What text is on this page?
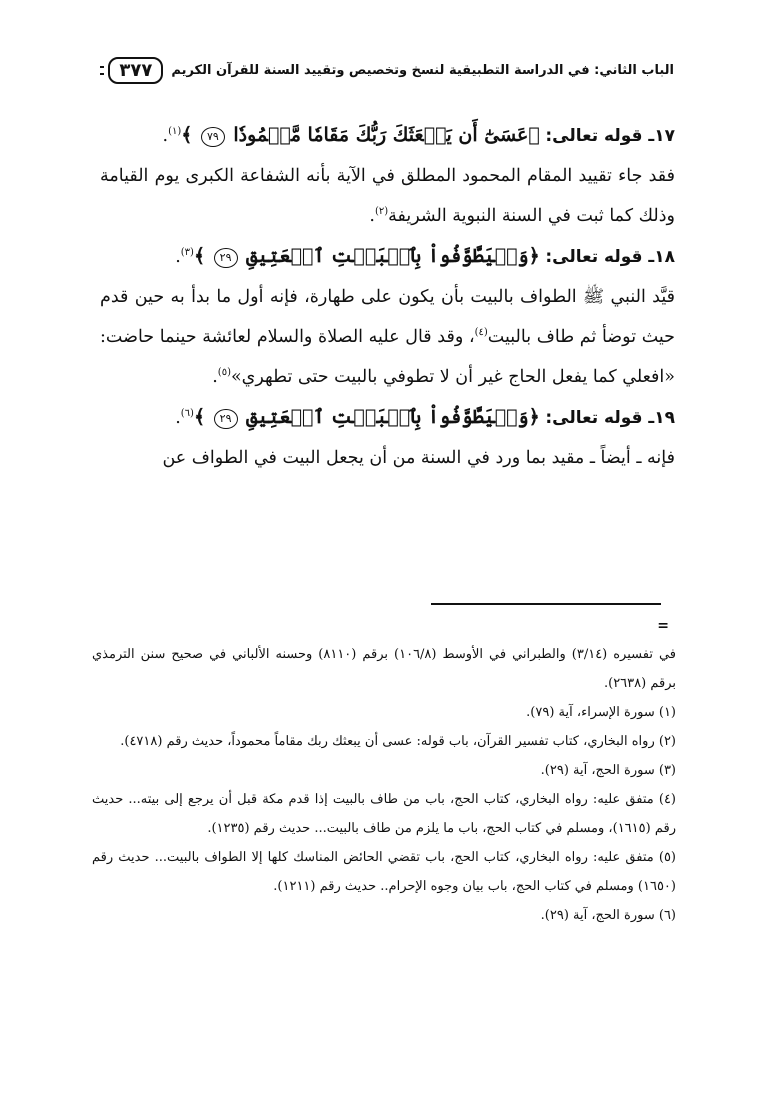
الباب الثاني: في الدراسة التطبيقية لنسخ وتخصيص وتقييد السنة للقرآن الكريم
٣٧٧

١٧ـ قوله تعالى: ﴿عَسَىٰٓ أَن يَبۡعَثَكَ رَبُّكَ مَقَامٗا مَّحۡمُودٗا ٧٩ ﴾$^{(١)}$.

فقد جاء تقييد المقام المحمود المطلق في الآية بأنه الشفاعة الكبرى يوم القيامة وذلك كما ثبت في السنة النبوية الشريفة$^{(٢)}$.

١٨ـ قوله تعالى: ﴿وَلۡيَطَّوَّفُواْ بِٱلۡبَيۡتِ ٱلۡعَتِيقِ ٢٩ ﴾$^{(٣)}$.

قيَّد النبي ﷺ الطواف بالبيت بأن يكون على طهارة، فإنه أول ما بدأ به حين قدم حيث توضأ ثم طاف بالبيت$^{(٤)}$، وقد قال عليه الصلاة والسلام لعائشة حينما حاضت: «افعلي كما يفعل الحاج غير أن لا تطوفي بالبيت حتى تطهري»$^{(٥)}$.

١٩ـ قوله تعالى: ﴿وَلۡيَطَّوَّفُواْ بِٱلۡبَيۡتِ ٱلۡعَتِيقِ ٢٩ ﴾$^{(٦)}$.

فإنه ـ أيضاً ـ مقيد بما ورد في السنة من أن يجعل البيت في الطواف عن

=

في تفسيره (٣/١٤) والطبراني في الأوسط (١٠٦/٨) برقم (٨١١٠) وحسنه الألباني في صحيح سنن الترمذي برقم (٢٦٣٨).

(١) سورة الإسراء، آية (٧٩).

(٢) رواه البخاري، كتاب تفسير القرآن، باب قوله: عسى أن يبعثك ربك مقاماً محموداً، حديث رقم (٤٧١٨).

(٣) سورة الحج، آية (٢٩).

(٤) متفق عليه: رواه البخاري، كتاب الحج، باب من طاف بالبيت إذا قدم مكة قبل أن يرجع إلى بيته... حديث رقم (١٦١٥)، ومسلم في كتاب الحج، باب ما يلزم من طاف بالبيت... حديث رقم (١٢٣٥).

(٥) متفق عليه: رواه البخاري، كتاب الحج، باب تقضي الحائض المناسك كلها إلا الطواف بالبيت... حديث رقم (١٦٥٠) ومسلم في كتاب الحج، باب بيان وجوه الإحرام.. حديث رقم (١٢١١).

(٦) سورة الحج، آية (٢٩).
